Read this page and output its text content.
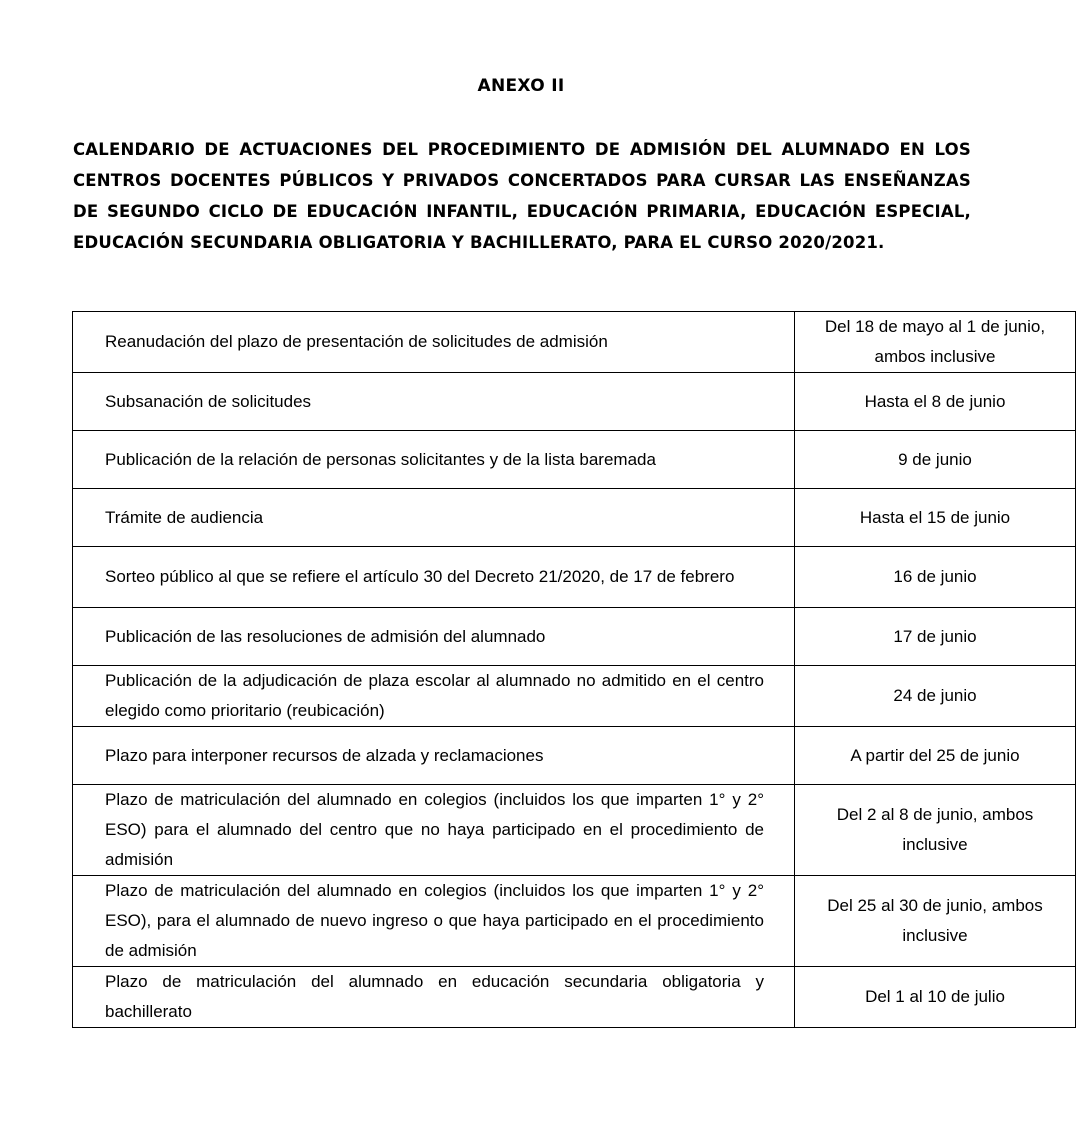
ANEXO II
CALENDARIO DE ACTUACIONES DEL PROCEDIMIENTO DE ADMISIÓN DEL ALUMNADO EN LOS
CENTROS DOCENTES PÚBLICOS Y PRIVADOS CONCERTADOS PARA CURSAR LAS ENSEÑANZAS
DE SEGUNDO CICLO DE EDUCACIÓN INFANTIL, EDUCACIÓN PRIMARIA, EDUCACIÓN ESPECIAL,
EDUCACIÓN SECUNDARIA OBLIGATORIA Y BACHILLERATO, PARA EL CURSO 2020/2021.
Reanudación del plazo de presentación de solicitudes de admisión	Del 18 de mayo al 1 de junio, ambos inclusive
Subsanación de solicitudes	Hasta el 8 de junio
Publicación de la relación de personas solicitantes y de la lista baremada	9 de junio
Trámite de audiencia	Hasta el 15 de junio
Sorteo público al que se refiere el artículo 30 del Decreto 21/2020, de 17 de febrero	16 de junio
Publicación de las resoluciones de admisión del alumnado	17 de junio
Publicación de la adjudicación de plaza escolar al alumnado no admitido en el centro elegido como prioritario (reubicación)	24 de junio
Plazo para interponer recursos de alzada y reclamaciones	A partir del 25 de junio
Plazo de matriculación del alumnado en colegios (incluidos los que imparten 1° y 2° ESO) para el alumnado del centro que no haya participado en el procedimiento de admisión	Del 2 al 8 de junio, ambos inclusive
Plazo de matriculación del alumnado en colegios (incluidos los que imparten 1° y 2° ESO), para el alumnado de nuevo ingreso o que haya participado en el procedimiento de admisión	Del 25 al 30 de junio, ambos inclusive
Plazo de matriculación del alumnado en educación secundaria obligatoria y bachillerato	Del 1 al 10 de julio
